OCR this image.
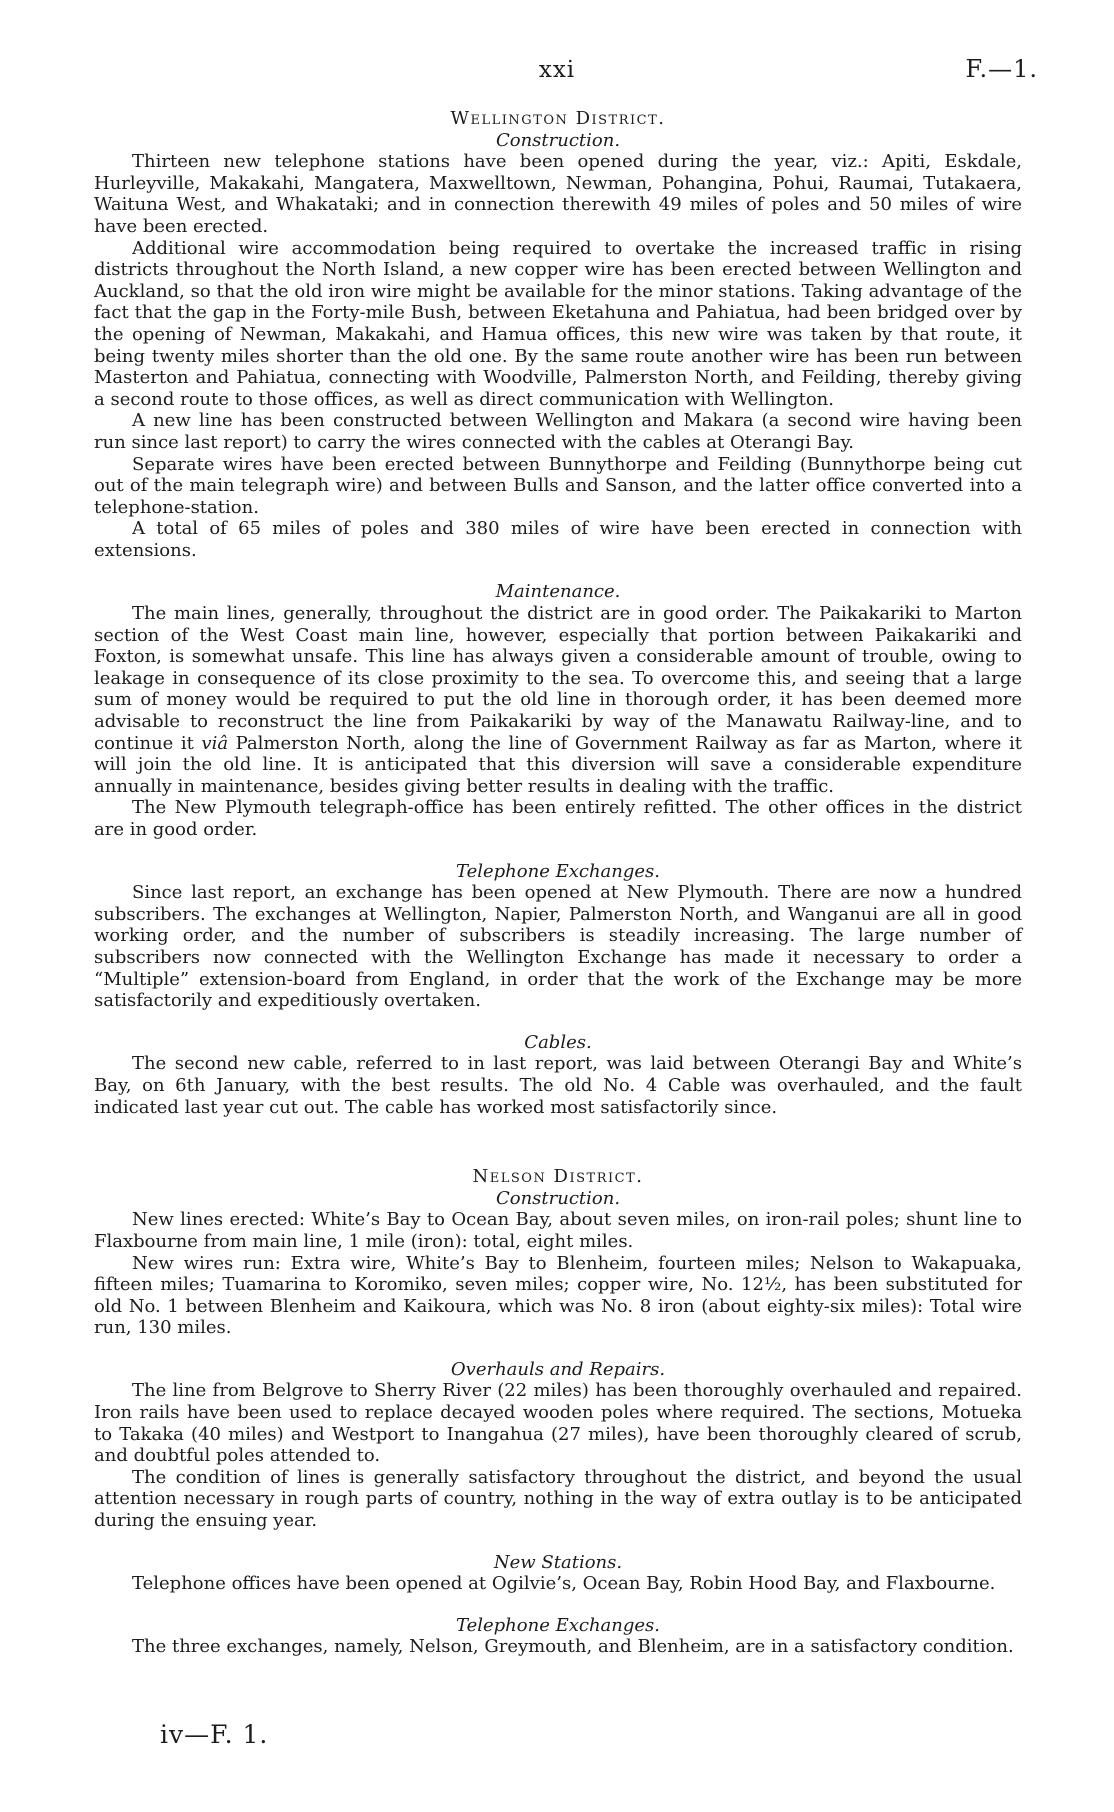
xxi	F.—1.
Wellington District.
Construction.

Thirteen new telephone stations have been opened during the year, viz.: Apiti, Eskdale, Hurleyville, Makakahi, Mangatera, Maxwelltown, Newman, Pohangina, Pohui, Raumai, Tutakaera, Waituna West, and Whakataki; and in connection therewith 49 miles of poles and 50 miles of wire have been erected.

Additional wire accommodation being required to overtake the increased traffic in rising districts throughout the North Island, a new copper wire has been erected between Wellington and Auckland, so that the old iron wire might be available for the minor stations. Taking advantage of the fact that the gap in the Forty-mile Bush, between Eketahuna and Pahiatua, had been bridged over by the opening of Newman, Makakahi, and Hamua offices, this new wire was taken by that route, it being twenty miles shorter than the old one. By the same route another wire has been run between Masterton and Pahiatua, connecting with Woodville, Palmerston North, and Feilding, thereby giving a second route to those offices, as well as direct communication with Wellington.

A new line has been constructed between Wellington and Makara (a second wire having been run since last report) to carry the wires connected with the cables at Oterangi Bay.

Separate wires have been erected between Bunnythorpe and Feilding (Bunnythorpe being cut out of the main telegraph wire) and between Bulls and Sanson, and the latter office converted into a telephone-station.

A total of 65 miles of poles and 380 miles of wire have been erected in connection with extensions.

Maintenance.

The main lines, generally, throughout the district are in good order. The Paikakariki to Marton section of the West Coast main line, however, especially that portion between Paikakariki and Foxton, is somewhat unsafe. This line has always given a considerable amount of trouble, owing to leakage in consequence of its close proximity to the sea. To overcome this, and seeing that a large sum of money would be required to put the old line in thorough order, it has been deemed more advisable to reconstruct the line from Paikakariki by way of the Manawatu Railway-line, and to continue it viâ Palmerston North, along the line of Government Railway as far as Marton, where it will join the old line. It is anticipated that this diversion will save a considerable expenditure annually in maintenance, besides giving better results in dealing with the traffic.

The New Plymouth telegraph-office has been entirely refitted. The other offices in the district are in good order.

Telephone Exchanges.

Since last report, an exchange has been opened at New Plymouth. There are now a hundred subscribers. The exchanges at Wellington, Napier, Palmerston North, and Wanganui are all in good working order, and the number of subscribers is steadily increasing. The large number of subscribers now connected with the Wellington Exchange has made it necessary to order a “Multiple” extension-board from England, in order that the work of the Exchange may be more satisfactorily and expeditiously overtaken.

Cables.

The second new cable, referred to in last report, was laid between Oterangi Bay and White’s Bay, on 6th January, with the best results. The old No. 4 Cable was overhauled, and the fault indicated last year cut out. The cable has worked most satisfactorily since.

Nelson District.
Construction.

New lines erected: White’s Bay to Ocean Bay, about seven miles, on iron-rail poles; shunt line to Flaxbourne from main line, 1 mile (iron): total, eight miles.

New wires run: Extra wire, White’s Bay to Blenheim, fourteen miles; Nelson to Wakapuaka, fifteen miles; Tuamarina to Koromiko, seven miles; copper wire, No. 12½, has been substituted for old No. 1 between Blenheim and Kaikoura, which was No. 8 iron (about eighty-six miles): Total wire run, 130 miles.

Overhauls and Repairs.

The line from Belgrove to Sherry River (22 miles) has been thoroughly overhauled and repaired. Iron rails have been used to replace decayed wooden poles where required. The sections, Motueka to Takaka (40 miles) and Westport to Inangahua (27 miles), have been thoroughly cleared of scrub, and doubtful poles attended to.

The condition of lines is generally satisfactory throughout the district, and beyond the usual attention necessary in rough parts of country, nothing in the way of extra outlay is to be anticipated during the ensuing year.

New Stations.

Telephone offices have been opened at Ogilvie’s, Ocean Bay, Robin Hood Bay, and Flaxbourne.

Telephone Exchanges.

The three exchanges, namely, Nelson, Greymouth, and Blenheim, are in a satisfactory condition.

iv—F. 1.
